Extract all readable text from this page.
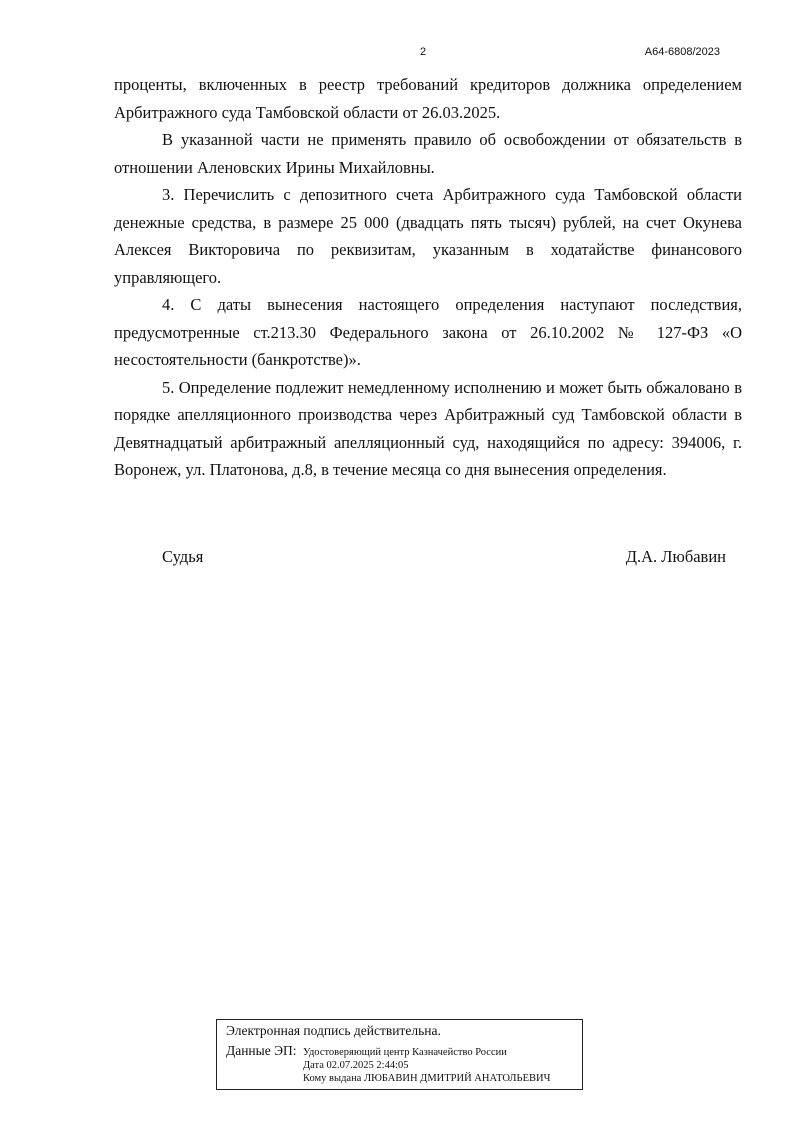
2	А64-6808/2023

проценты, включенных в реестр требований кредиторов должника определением Арбитражного суда Тамбовской области от 26.03.2025.

В указанной части не применять правило об освобождении от обязательств в отношении Аленовских Ирины Михайловны.

3. Перечислить с депозитного счета Арбитражного суда Тамбовской области денежные средства, в размере 25 000 (двадцать пять тысяч) рублей, на счет Окунева Алексея Викторовича по реквизитам, указанным в ходатайстве финансового управляющего.

4. С даты вынесения настоящего определения наступают последствия, предусмотренные ст.213.30 Федерального закона от 26.10.2002 № 127-ФЗ «О несостоятельности (банкротстве)».

5. Определение подлежит немедленному исполнению и может быть обжаловано в порядке апелляционного производства через Арбитражный суд Тамбовской области в Девятнадцатый арбитражный апелляционный суд, находящийся по адресу: 394006, г. Воронеж, ул. Платонова, д.8, в течение месяца со дня вынесения определения.

Судья	Д.А. Любавин
Электронная подпись действительна.
Данные ЭП: Удостоверяющий центр Казначейство России
Дата 02.07.2025 2:44:05
Кому выдана ЛЮБАВИН ДМИТРИЙ АНАТОЛЬЕВИЧ
